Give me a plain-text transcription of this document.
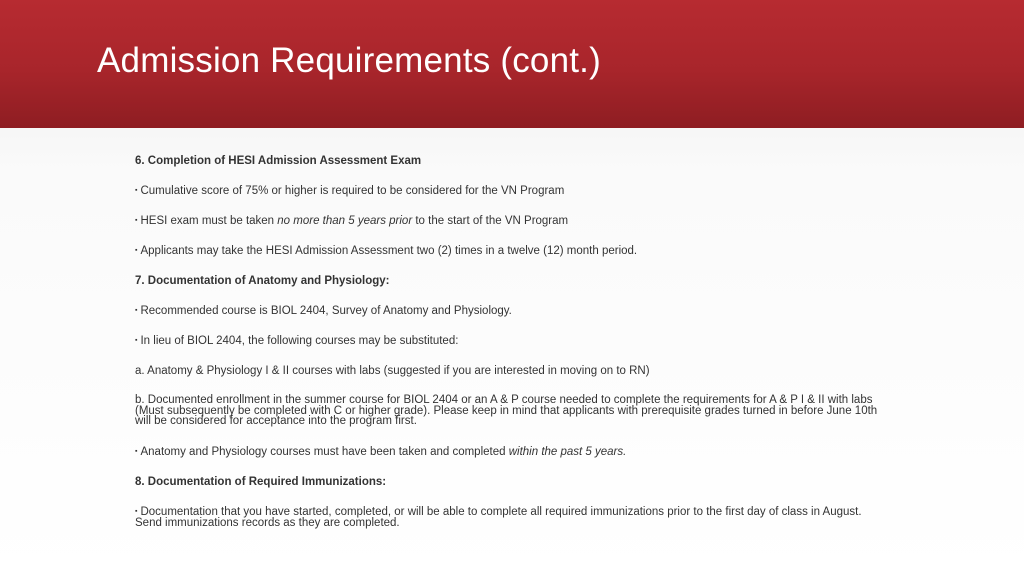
Admission Requirements (cont.)
6. Completion of HESI Admission Assessment Exam
▪ Cumulative score of 75% or higher is required to be considered for the VN Program
▪ HESI exam must be taken no more than 5 years prior to the start of the VN Program
▪ Applicants may take the HESI Admission Assessment two (2) times in a twelve (12) month period.
7. Documentation of Anatomy and Physiology:
▪ Recommended course is BIOL 2404, Survey of Anatomy and Physiology.
▪ In lieu of BIOL 2404, the following courses may be substituted:
a. Anatomy & Physiology I & II courses with labs (suggested if you are interested in moving on to RN)
b. Documented enrollment in the summer course for BIOL 2404 or an A & P course needed to complete the requirements for A & P I & II with labs (Must subsequently be completed with C or higher grade). Please keep in mind that applicants with prerequisite grades turned in before June 10th will be considered for acceptance into the program first.
▪ Anatomy and Physiology courses must have been taken and completed within the past 5 years.
8. Documentation of Required Immunizations:
▪ Documentation that you have started, completed, or will be able to complete all required immunizations prior to the first day of class in August. Send immunizations records as they are completed.
